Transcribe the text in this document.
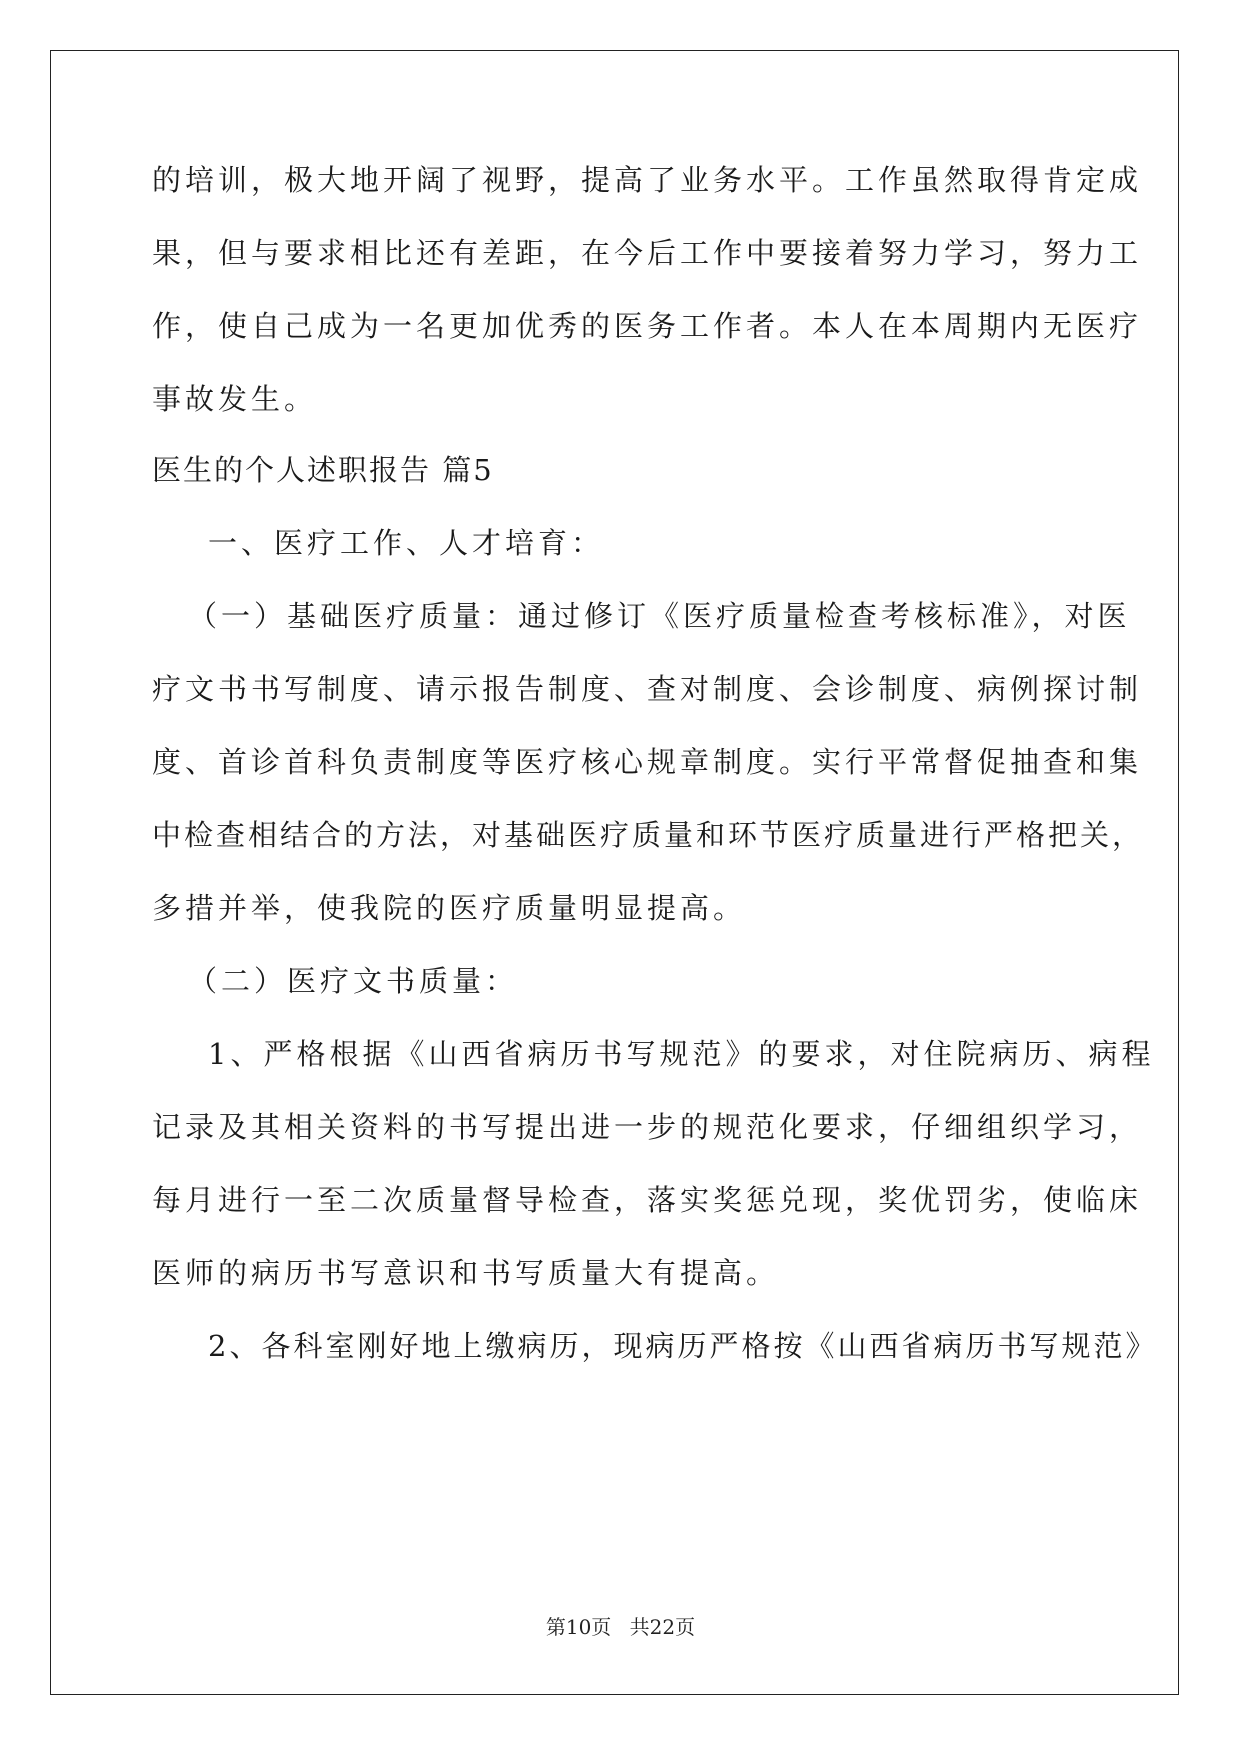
的培训，极大地开阔了视野，提高了业务水平。工作虽然取得肯定成
果，但与要求相比还有差距，在今后工作中要接着努力学习，努力工
作，使自己成为一名更加优秀的医务工作者。本人在本周期内无医疗
事故发生。
医生的个人述职报告 篇5
一、医疗工作、人才培育：
（一）基础医疗质量：通过修订《医疗质量检查考核标准》，对医
疗文书书写制度、请示报告制度、查对制度、会诊制度、病例探讨制
度、首诊首科负责制度等医疗核心规章制度。实行平常督促抽查和集
中检查相结合的方法，对基础医疗质量和环节医疗质量进行严格把关，
多措并举，使我院的医疗质量明显提高。
（二）医疗文书质量：
1、严格根据《山西省病历书写规范》的要求，对住院病历、病程
记录及其相关资料的书写提出进一步的规范化要求，仔细组织学习，
每月进行一至二次质量督导检查，落实奖惩兑现，奖优罚劣，使临床
医师的病历书写意识和书写质量大有提高。
2、各科室刚好地上缴病历，现病历严格按《山西省病历书写规范》
第10页 共22页
